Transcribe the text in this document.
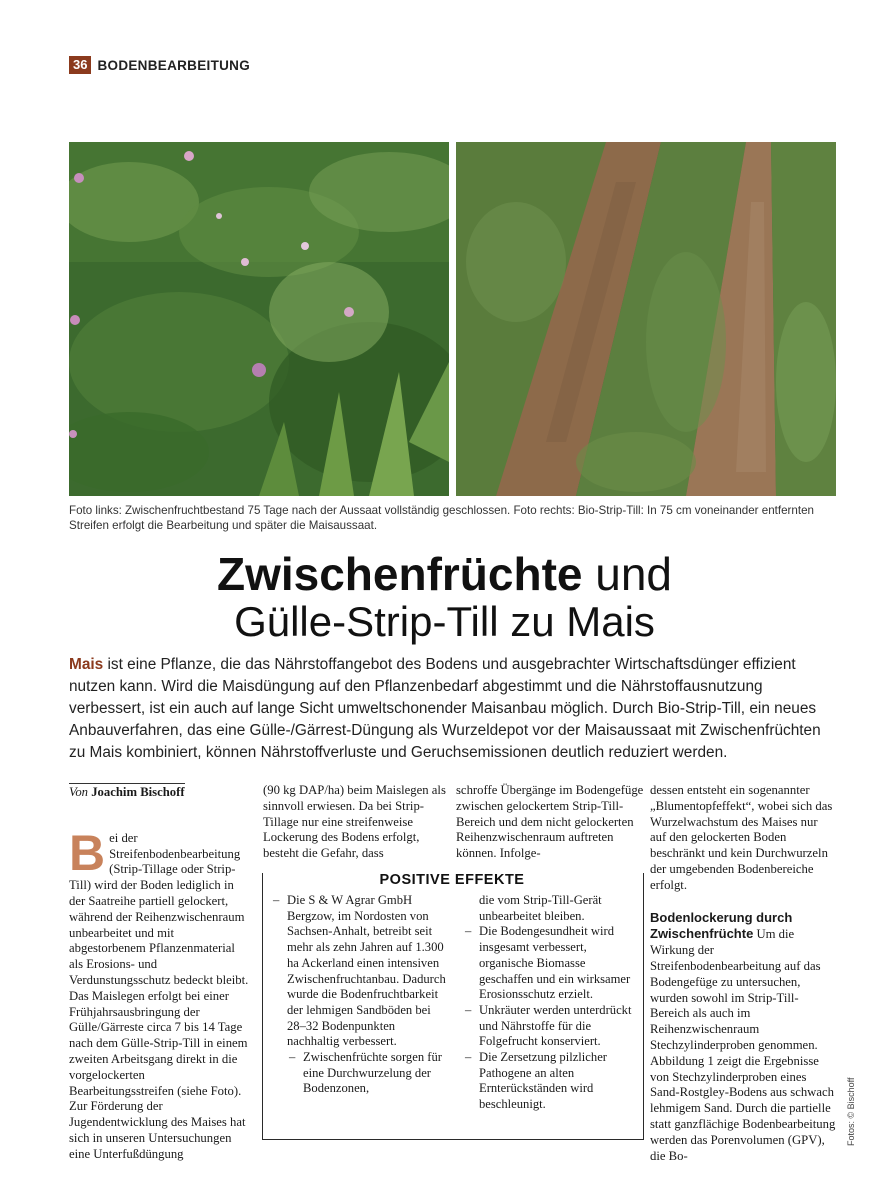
36 BODENBEARBEITUNG
Foto links: Zwischenfruchtbestand 75 Tage nach der Aussaat vollständig geschlossen. Foto rechts: Bio-Strip-Till: In 75 cm voneinander entfernten Streifen erfolgt die Bearbeitung und später die Maisaussaat.
Zwischenfrüchte und
Gülle-Strip-Till zu Mais
Mais ist eine Pflanze, die das Nährstoffangebot des Bodens und ausgebrachter Wirtschaftsdünger effizient nutzen kann. Wird die Maisdüngung auf den Pflanzenbedarf abgestimmt und die Nährstoffausnutzung verbessert, ist ein auch auf lange Sicht umweltschonender Maisanbau möglich. Durch Bio-Strip-Till, ein neues Anbauverfahren, das eine Gülle-/Gärrest-Düngung als Wurzeldepot vor der Maisaussaat mit Zwischenfrüchten zu Mais kombiniert, können Nährstoffverluste und Geruchsemissionen deutlich reduziert werden.
Von Joachim Bischoff
Bei der Streifenbodenbearbeitung (Strip-Tillage oder Strip-Till) wird der Boden lediglich in der Saatreihe partiell gelockert, während der Reihenzwischenraum unbearbeitet und mit abgestorbenem Pflanzenmaterial als Erosions- und Verdunstungsschutz bedeckt bleibt. Das Maislegen erfolgt bei einer Frühjahrsausbringung der Gülle/Gärreste circa 7 bis 14 Tage nach dem Gülle-Strip-Till in einem zweiten Arbeitsgang direkt in die vorgelockerten Bearbeitungsstreifen (siehe Foto). Zur Förderung der Jugendentwicklung des Maises hat sich in unseren Untersuchungen eine Unterfußdüngung
(90 kg DAP/ha) beim Maislegen als sinnvoll erwiesen. Da bei Strip-Tillage nur eine streifenweise Lockerung des Bodens erfolgt, besteht die Gefahr, dass
schroffe Übergänge im Bodengefüge zwischen gelockertem Strip-Till-Bereich und dem nicht gelockerten Reihenzwischenraum auftreten können. Infolge-
dessen entsteht ein sogenannter „Blumentopfeffekt“, wobei sich das Wurzelwachstum des Maises nur auf den gelockerten Boden beschränkt und kein Durchwurzeln der umgebenden Bodenbereiche erfolgt.
Bodenlockerung durch Zwischenfrüchte Um die Wirkung der Streifenbodenbearbeitung auf das Bodengefüge zu untersuchen, wurden sowohl im Strip-Till-Bereich als auch im Reihenzwischenraum Stechzylinderproben genommen. Abbildung 1 zeigt die Ergebnisse von Stechzylinderproben eines Sand-Rostgley-Bodens aus schwach lehmigem Sand. Durch die partielle statt ganzflächige Bodenbearbeitung werden das Porenvolumen (GPV), die Bo-
– Die S & W Agrar GmbH Bergzow, im Nordosten von Sachsen-Anhalt, betreibt seit mehr als zehn Jahren auf 1.300 ha Ackerland einen intensiven Zwischenfruchtanbau. Dadurch wurde die Bodenfruchtbarkeit der lehmigen Sandböden bei 28–32 Bodenpunkten nachhaltig verbessert.
– Zwischenfrüchte sorgen für eine Durchwurzelung der Bodenzonen,
die vom Strip-Till-Gerät unbearbeitet bleiben.
– Die Bodengesundheit wird insgesamt verbessert, organische Biomasse geschaffen und ein wirksamer Erosionsschutz erzielt.
– Unkräuter werden unterdrückt und Nährstoffe für die Folgefrucht konserviert.
– Die Zersetzung pilzlicher Pathogene an alten Ernterückständen wird beschleunigt.
POSITIVE EFFEKTE
Fotos: © Bischoff
